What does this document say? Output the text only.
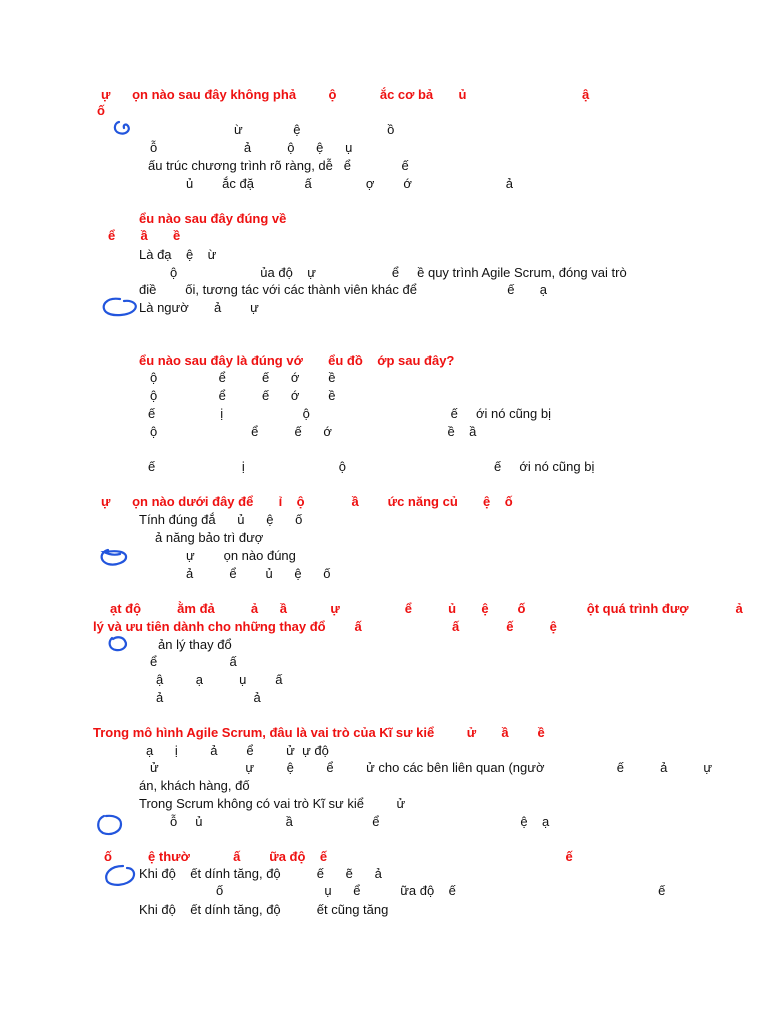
ự      ọn nào sau đây không phả         ộ            ắc cơ bả       ủ                                ậ
ố
ừ              ệ                        ồ
ỗ                        ả          ộ      ệ      ụ
ấu trúc chương trình rõ ràng, dễ   ể              ế
ủ        ắc đặ              ấ               ợ        ớ                          ả
ểu nào sau đây đúng về
ể       ầ       ề
Là đạ    ệ    ừ
ộ                       ủa độ    ự                     ể     ề quy trình Agile Scrum, đóng vai trò
điề        ối, tương tác với các thành viên khác để                         ế       ạ
Là ngườ       ả        ự
ểu nào sau đây là đúng vớ       ểu đồ    ớp sau đây?
ộ                 ể          ế      ớ        ề
ộ                 ể          ế      ớ        ề
ế                  ị                      ộ                                       ế     ới nó cũng bị
ộ                          ể          ế      ớ                                ề    ầ
ế                        ị                          ộ                                         ế     ới nó cũng bị
ự      ọn nào dưới đây để       ỉ    ộ             ầ        ức năng củ       ệ    ố
Tính đúng đắ      ủ      ệ      ố
ả năng bảo trì đượ
ự        ọn nào đúng
ả          ể        ủ      ệ      ố
ạt độ          ằm đả          ả      ầ            ự                  ể          ủ       ệ        ố                 ột quá trình đượ             ả
lý và ưu tiên dành cho những thay đổ        ấ                         ấ             ế          ệ
ản lý thay đổ
ể                    ấ
ậ         ạ          ụ        ấ
ả                         ả
Trong mô hình Agile Scrum, đâu là vai trò của Kĩ sư kiể         ử       ầ        ề
ạ      ị         ả        ể         ử  ự độ
ử                        ự         ệ         ể         ử cho các bên liên quan (ngườ                    ế          ả          ự
án, khách hàng, đố
Trong Scrum không có vai trò Kĩ sư kiể         ử
ỗ     ủ                       ầ                      ể                                       ệ    ạ
ố          ệ thườ            ấ        ữa độ    ế                                                                  ế
Khi độ    ết dính tăng, độ          ế      ẽ      ả
ố                            ụ      ể           ữa độ    ế                                                        ế
Khi độ    ết dính tăng, độ          ết cũng tăng
